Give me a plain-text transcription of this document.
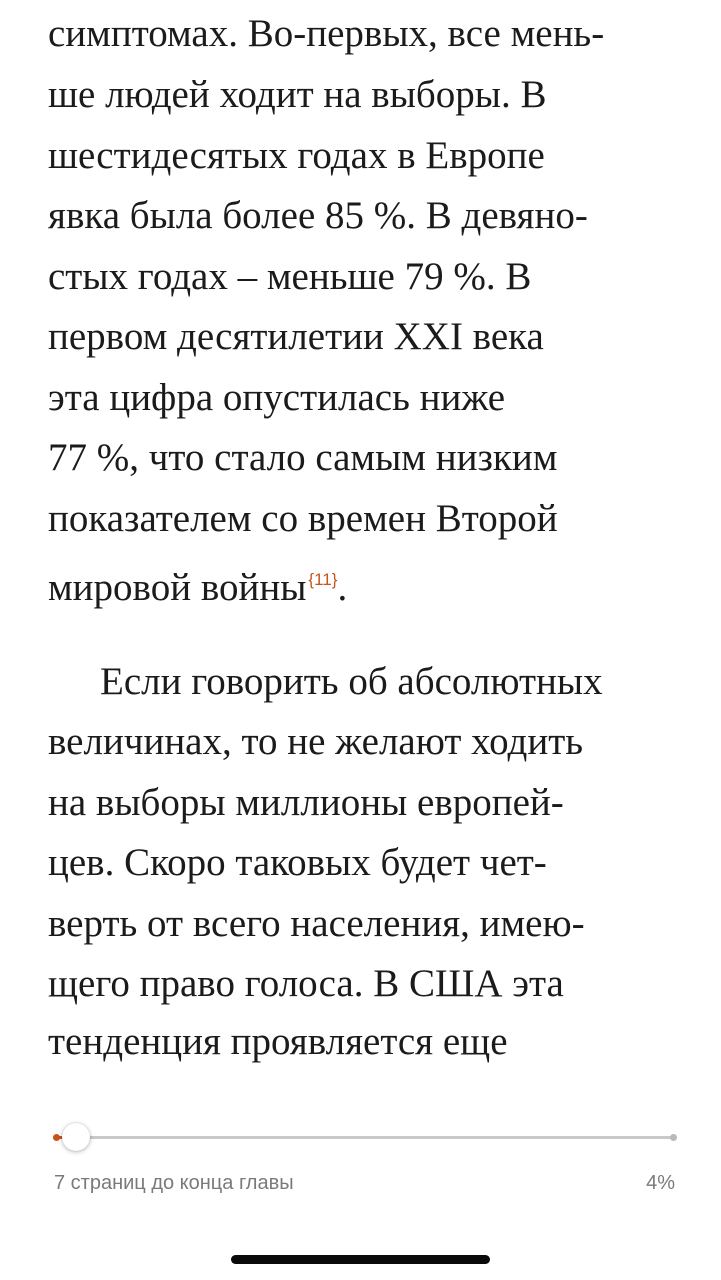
симптомах. Во-первых, все мень-
ше людей ходит на выборы. В
шестидесятых годах в Европе
явка была более 85 %. В девяно-
стых годах – меньше 79 %. В
первом десятилетии XXI века
эта цифра опустилась ниже
77 %, что стало самым низким
показателем со времен Второй
мировой войны $^{\{11\}}$.
Если говорить об абсолютных
величинах, то не желают ходить
на выборы миллионы европей-
цев. Скоро таковых будет чет-
верть от всего населения, имею-
щего право голоса. В США эта
тенденция проявляется еще
7 страниц до конца главы	4%
